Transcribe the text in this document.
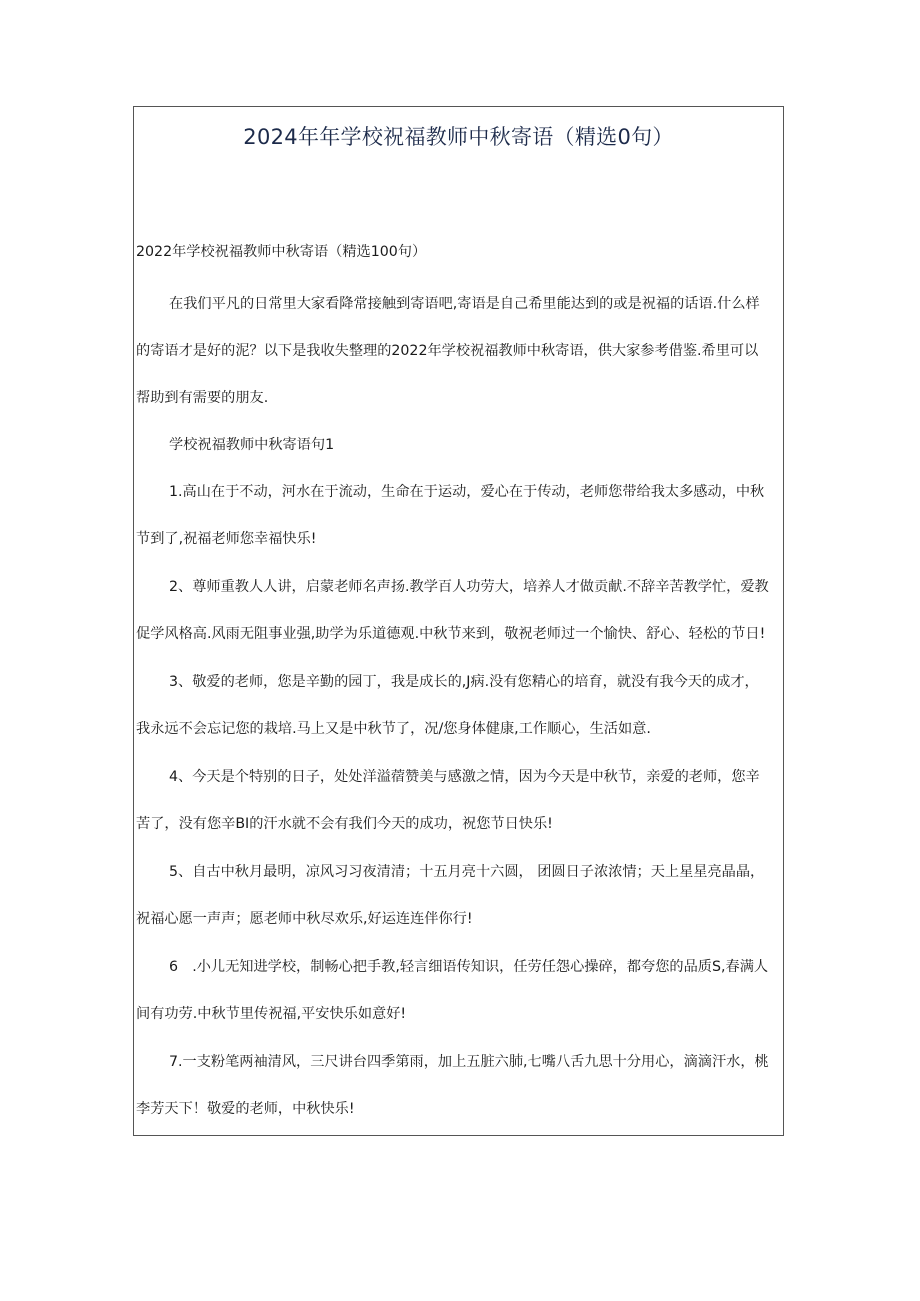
2024年年学校祝福教师中秋寄语（精选0句）
2022年学校祝福教师中秋寄语（精选100句）
在我们平凡的日常里大家看降常接触到寄语吧,寄语是自己希里能达到的或是祝福的话语.什么样
的寄语才是好的泥？以下是我收失整理的2022年学校祝福教师中秋寄语，供大家参考借鉴.希里可以
帮助到有需要的朋友.
学校祝福教师中秋寄语句1
1.高山在于不动，河水在于流动，生命在于运动，爱心在于传动，老师您带给我太多感动，中秋
节到了,祝福老师您幸福快乐!
2、尊师重教人人讲，启蒙老师名声扬.教学百人功劳大，培养人才做贡献.不辞辛苦教学忙，爱教
促学风格高.风雨无阻事业强,助学为乐道德观.中秋节来到，敬祝老师过一个愉快、舒心、轻松的节日!
3、敬爱的老师，您是辛勤的园丁，我是成长的,J病.没有您精心的培育，就没有我今天的成才，
我永远不会忘记您的栽培.马上又是中秋节了，况/您身体健康,工作顺心，生活如意.
4、今天是个特别的日子，处处洋溢蓿赞美与感激之情，因为今天是中秋节，亲爱的老师，您辛
苦了，没有您辛BI的汗水就不会有我们今天的成功，祝您节日快乐!
5、自古中秋月最明，凉风习习夜清清；十五月亮十六圆， 团圆日子浓浓情；天上星星亮晶晶，
祝福心愿一声声；愿老师中秋尽欢乐,好运连连伴你行!
6　.小儿无知进学校，制畅心把手教,轻言细语传知识，任劳任怨心操碎，都夸您的品质S,春满人
间有功劳.中秋节里传祝福,平安快乐如意好!
7.一支粉笔两袖清风，三尺讲台四季第雨，加上五脏六肺,七嘴八舌九思十分用心，滴滴汗水，桃
李芳天下！敬爱的老师，中秋快乐!
